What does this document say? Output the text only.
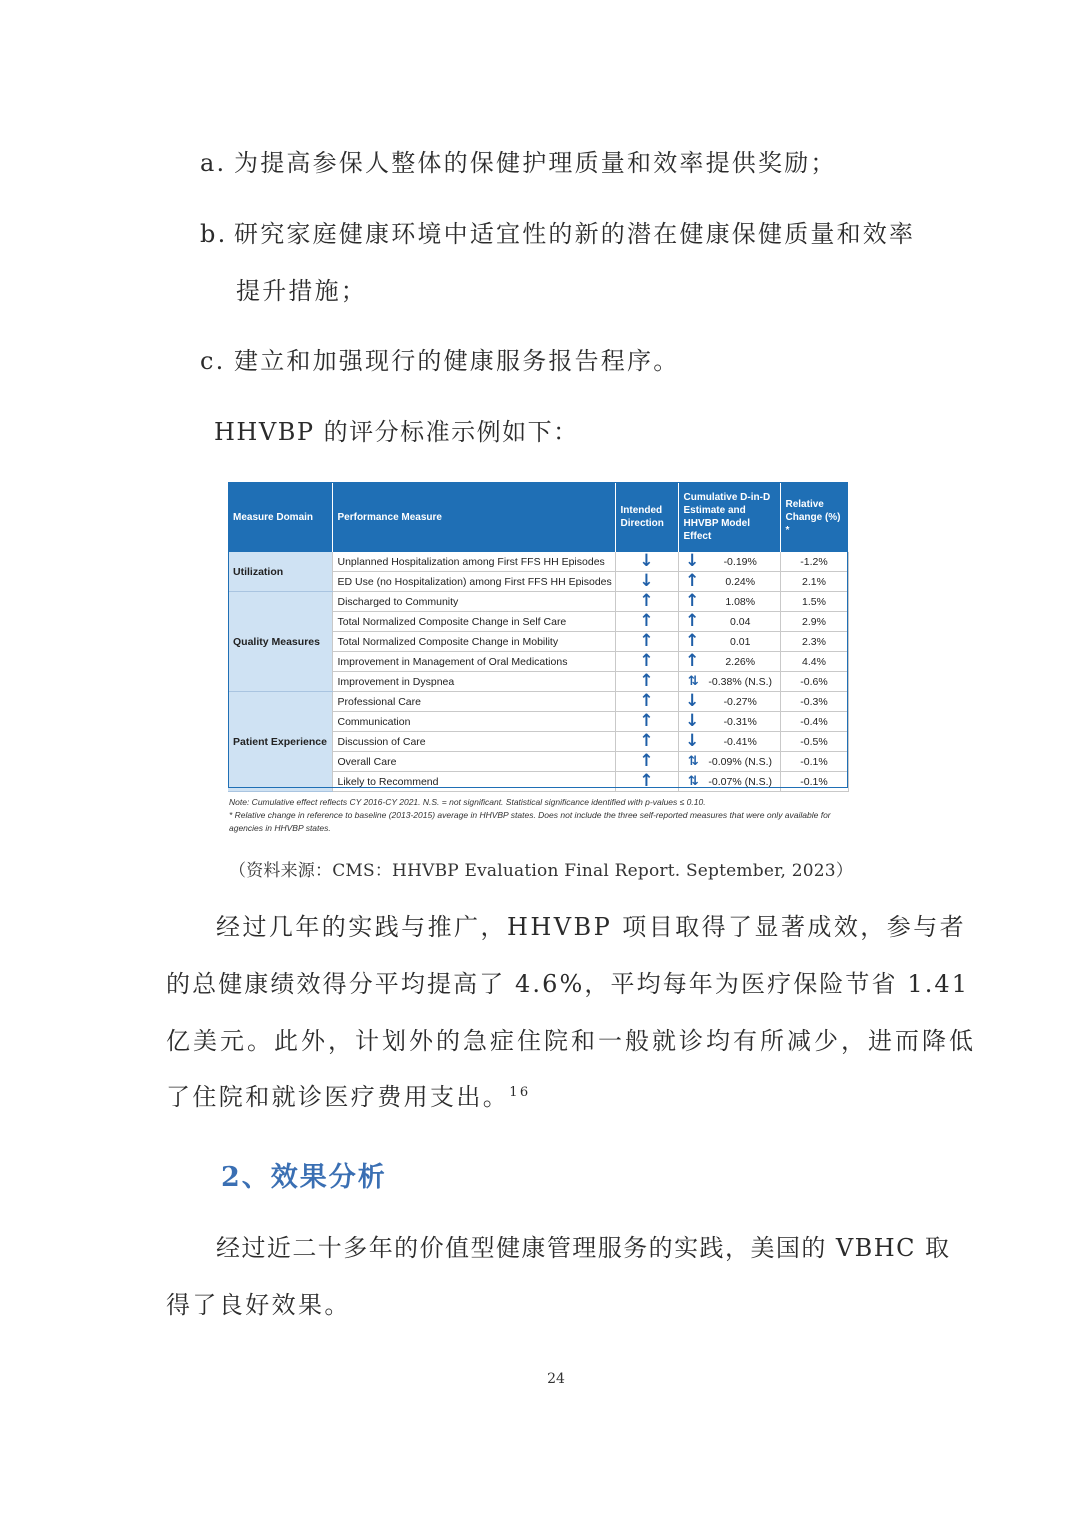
a. 为提高参保人整体的保健护理质量和效率提供奖励；
b. 研究家庭健康环境中适宜性的新的潜在健康保健质量和效率
提升措施；
c. 建立和加强现行的健康服务报告程序。
HHVBP 的评分标准示例如下：
Measure Domain	Performance Measure	Intended Direction	Cumulative D-in-D Estimate and HHVBP Model Effect	Relative Change (%) *
Utilization	Unplanned Hospitalization among First FFS HH Episodes	↓	↓ -0.19%	-1.2%
	ED Use (no Hospitalization) among First FFS HH Episodes	↓	↑ 0.24%	2.1%
Quality Measures	Discharged to Community	↑	↑ 1.08%	1.5%
	Total Normalized Composite Change in Self Care	↑	↑ 0.04	2.9%
	Total Normalized Composite Change in Mobility	↑	↑ 0.01	2.3%
	Improvement in Management of Oral Medications	↑	↑ 2.26%	4.4%
	Improvement in Dyspnea	↑	⇅ -0.38% (N.S.)	-0.6%
Patient Experience	Professional Care	↑	↓ -0.27%	-0.3%
	Communication	↑	↓ -0.31%	-0.4%
	Discussion of Care	↑	↓ -0.41%	-0.5%
	Overall Care	↑	⇅ -0.09% (N.S.)	-0.1%
	Likely to Recommend	↑	⇅ -0.07% (N.S.)	-0.1%
Note: Cumulative effect reflects CY 2016-CY 2021. N.S. = not significant. Statistical significance identified with p-values ≤ 0.10.
* Relative change in reference to baseline (2013-2015) average in HHVBP states. Does not include the three self-reported measures that were only available for agencies in HHVBP states.
（资料来源：CMS：HHVBP Evaluation Final Report. September, 2023）
经过几年的实践与推广，HHVBP 项目取得了显著成效，参与者
的总健康绩效得分平均提高了 4.6%，平均每年为医疗保险节省 1.41
亿美元。此外，计划外的急症住院和一般就诊均有所减少，进而降低
了住院和就诊医疗费用支出。$^{16}$
2、效果分析
经过近二十多年的价值型健康管理服务的实践，美国的 VBHC 取
得了良好效果。
24
